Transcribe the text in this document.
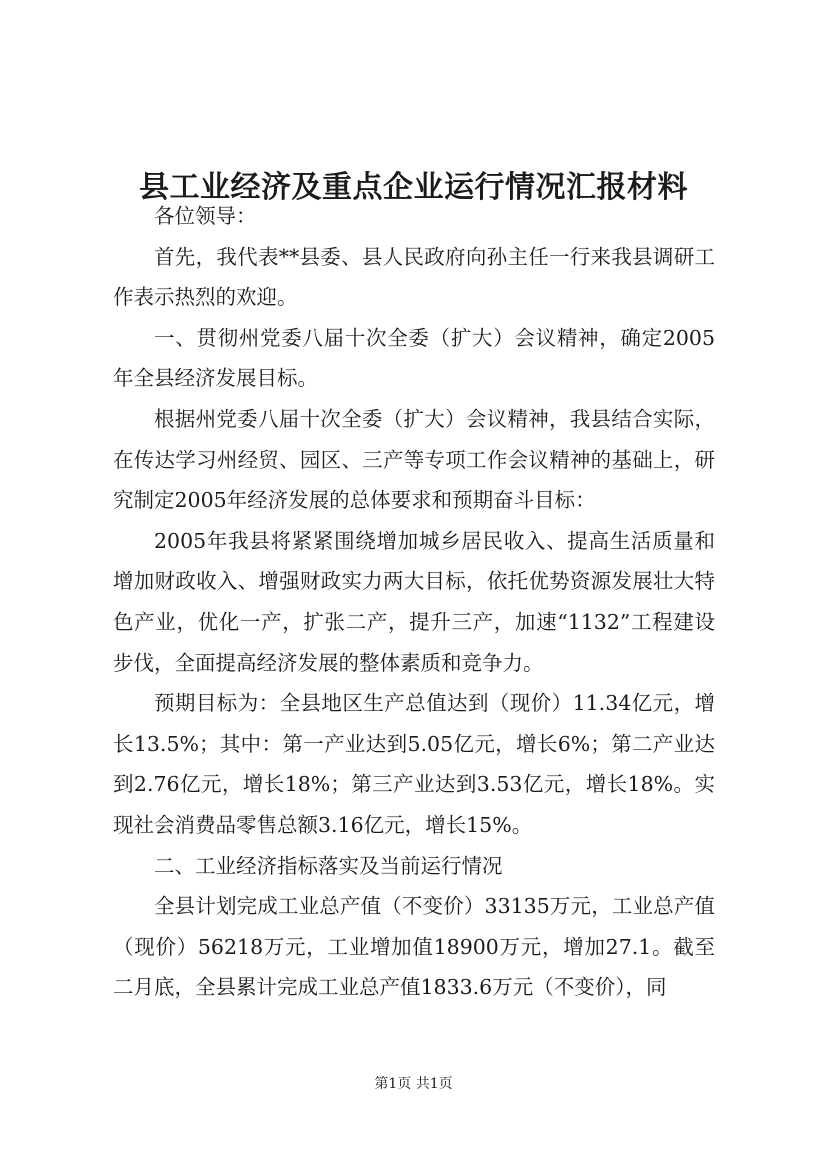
县工业经济及重点企业运行情况汇报材料

各位领导：

首先，我代表**县委、县人民政府向孙主任一行来我县调研工作表示热烈的欢迎。

一、贯彻州党委八届十次全委（扩大）会议精神，确定2005年全县经济发展目标。

根据州党委八届十次全委（扩大）会议精神，我县结合实际，在传达学习州经贸、园区、三产等专项工作会议精神的基础上，研究制定2005年经济发展的总体要求和预期奋斗目标：

2005年我县将紧紧围绕增加城乡居民收入、提高生活质量和增加财政收入、增强财政实力两大目标，依托优势资源发展壮大特色产业，优化一产，扩张二产，提升三产，加速“1132”工程建设步伐，全面提高经济发展的整体素质和竞争力。

预期目标为：全县地区生产总值达到（现价）11.34亿元，增长13.5%；其中：第一产业达到5.05亿元，增长6%；第二产业达到2.76亿元，增长18%；第三产业达到3.53亿元，增长18%。实现社会消费品零售总额3.16亿元，增长15%。

二、工业经济指标落实及当前运行情况

全县计划完成工业总产值（不变价）33135万元，工业总产值（现价）56218万元，工业增加值18900万元，增加27.1。截至二月底，全县累计完成工业总产值1833.6万元（不变价），同

第1页 共1页
